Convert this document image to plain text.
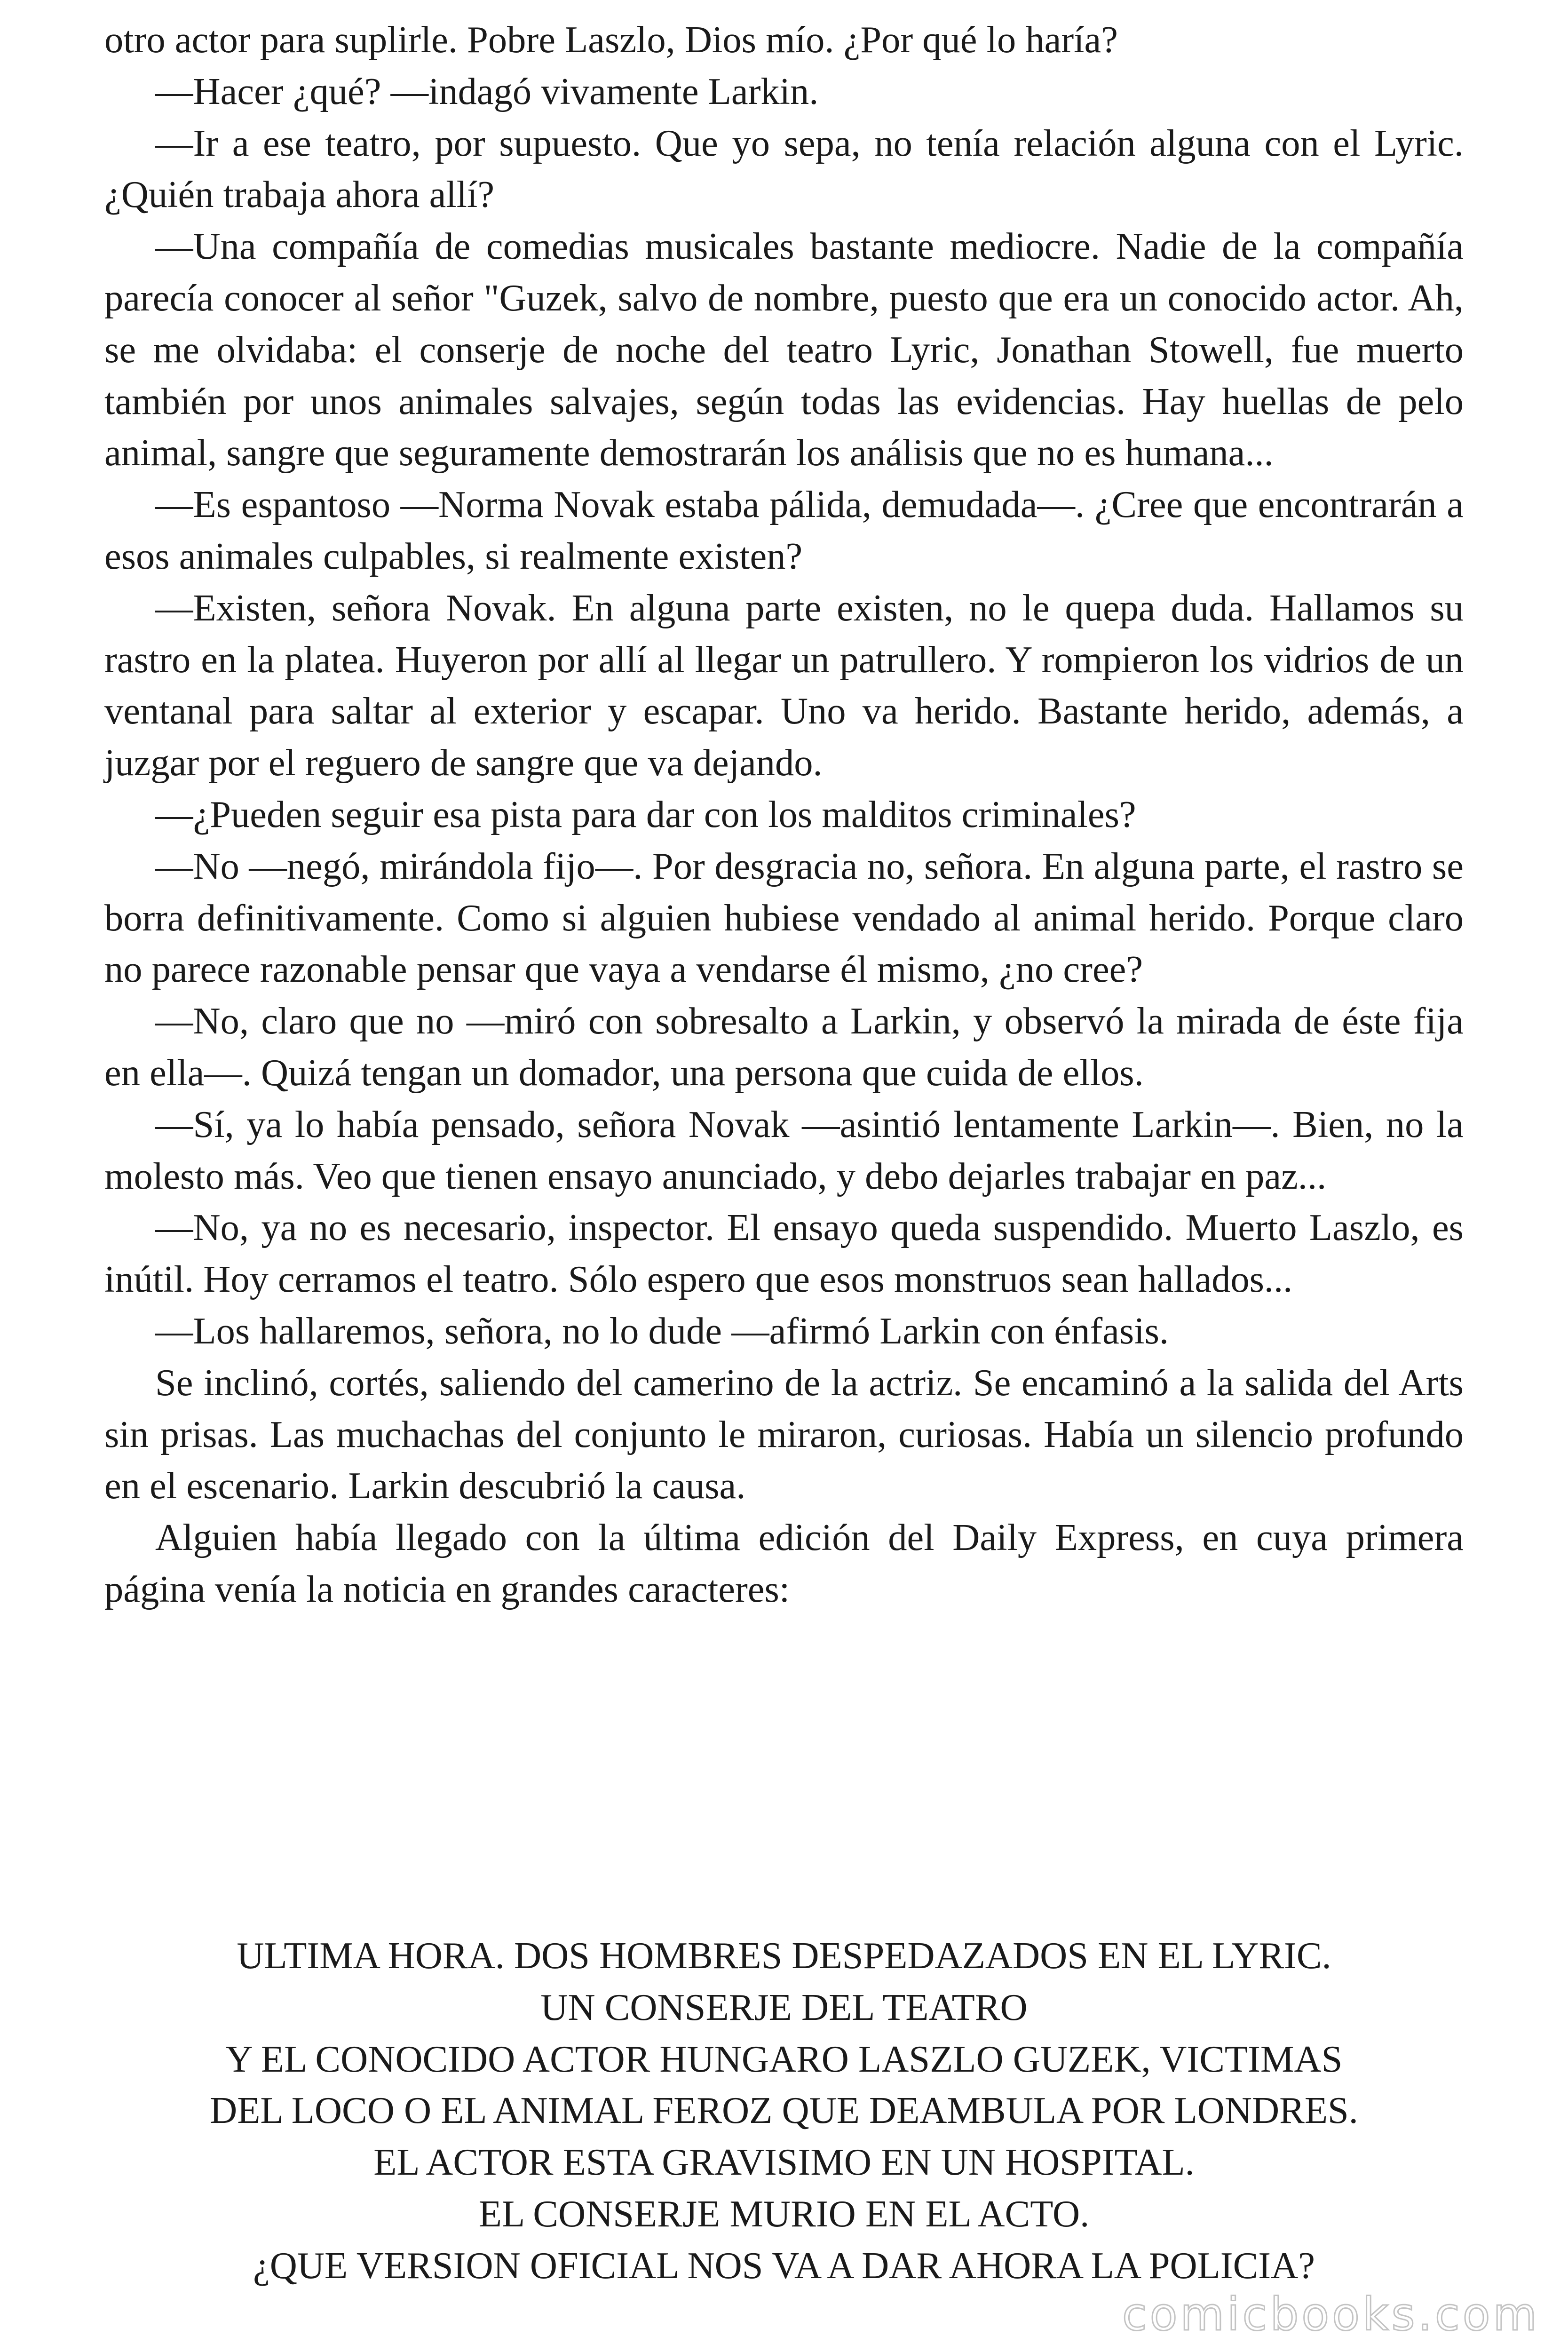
otro actor para suplirle. Pobre Laszlo, Dios mío. ¿Por qué lo haría?

—Hacer ¿qué? —indagó vivamente Larkin.

—Ir a ese teatro, por supuesto. Que yo sepa, no tenía relación alguna con el Lyric. ¿Quién trabaja ahora allí?

—Una compañía de comedias musicales bastante mediocre. Nadie de la compañía parecía conocer al señor "Guzek, salvo de nombre, puesto que era un conocido actor. Ah, se me olvidaba: el conserje de noche del teatro Lyric, Jonathan Stowell, fue muerto también por unos animales salvajes, según todas las evidencias. Hay huellas de pelo animal, sangre que seguramente demostrarán los análisis que no es humana...

—Es espantoso —Norma Novak estaba pálida, demudada—. ¿Cree que encontrarán a esos animales culpables, si realmente existen?

—Existen, señora Novak. En alguna parte existen, no le quepa duda. Hallamos su rastro en la platea. Huyeron por allí al llegar un patrullero. Y rompieron los vidrios de un ventanal para saltar al exterior y escapar. Uno va herido. Bastante herido, además, a juzgar por el reguero de sangre que va dejando.

—¿Pueden seguir esa pista para dar con los malditos criminales?

—No —negó, mirándola fijo—. Por desgracia no, señora. En alguna parte, el rastro se borra definitivamente. Como si alguien hubiese vendado al animal herido. Porque claro no parece razonable pensar que vaya a vendarse él mismo, ¿no cree?

—No, claro que no —miró con sobresalto a Larkin, y observó la mirada de éste fija en ella—. Quizá tengan un domador, una persona que cuida de ellos.

—Sí, ya lo había pensado, señora Novak —asintió lentamente Larkin—. Bien, no la molesto más. Veo que tienen ensayo anunciado, y debo dejarles trabajar en paz...

—No, ya no es necesario, inspector. El ensayo queda suspendido. Muerto Laszlo, es inútil. Hoy cerramos el teatro. Sólo espero que esos monstruos sean hallados...

—Los hallaremos, señora, no lo dude —afirmó Larkin con énfasis.

Se inclinó, cortés, saliendo del camerino de la actriz. Se encaminó a la salida del Arts sin prisas. Las muchachas del conjunto le miraron, curiosas. Había un silencio profundo en el escenario. Larkin descubrió la causa.

Alguien había llegado con la última edición del Daily Express, en cuya primera página venía la noticia en grandes caracteres:

ULTIMA HORA. DOS HOMBRES DESPEDAZADOS EN EL LYRIC.
UN CONSERJE DEL TEATRO
Y EL CONOCIDO ACTOR HUNGARO LASZLO GUZEK, VICTIMAS
DEL LOCO O EL ANIMAL FEROZ QUE DEAMBULA POR LONDRES.
EL ACTOR ESTA GRAVISIMO EN UN HOSPITAL.
EL CONSERJE MURIO EN EL ACTO.
¿QUE VERSION OFICIAL NOS VA A DAR AHORA LA POLICIA?
comicbooks.com
